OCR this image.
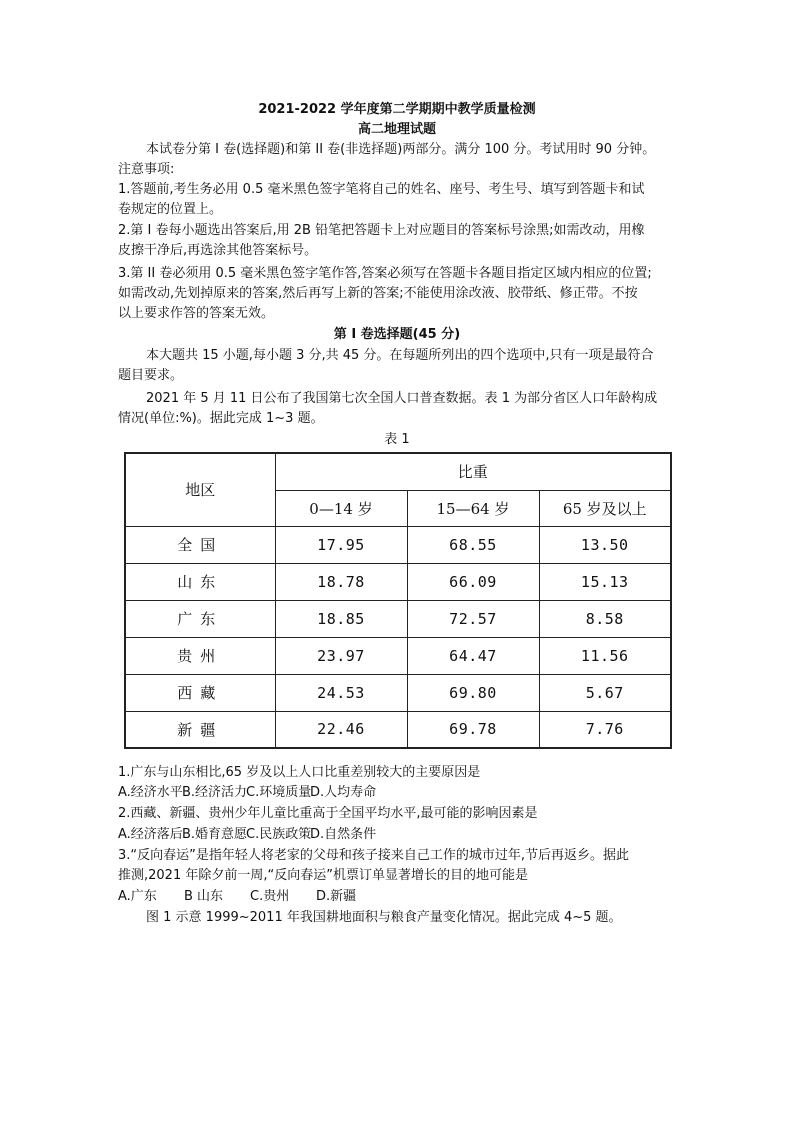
2021-2022 学年度第二学期期中教学质量检测
高二地理试题
本试卷分第 I 卷(选择题)和第 II 卷(非选择题)两部分。满分 100 分。考试用时 90 分钟。
注意事项:
1.答题前,考生务必用 0.5 毫米黑色签字笔将自己的姓名、座号、考生号、填写到答题卡和试
卷规定的位置上。
2.第 I 卷每小题选出答案后,用 2B 铅笔把答题卡上对应题目的答案标号涂黑;如需改动，用橡
皮擦干净后,再选涂其他答案标号。
3.第 II 卷必须用 0.5 毫米黑色签字笔作答,答案必须写在答题卡各题目指定区域内相应的位置;
如需改动,先划掉原来的答案,然后再写上新的答案;不能使用涂改液、胶带纸、修正带。不按
以上要求作答的答案无效。
第 I 卷选择题(45 分)
本大题共 15 小题,每小题 3 分,共 45 分。在每题所列出的四个选项中,只有一项是最符合
题目要求。
2021 年 5 月 11 日公布了我国第七次全国人口普查数据。表 1 为部分省区人口年龄构成
情况(单位:%)。据此完成 1~3 题。
表 1
地区	比重		
	0—14 岁	15—64 岁	65 岁及以上
全国	17.95	68.55	13.50
山东	18.78	66.09	15.13
广东	18.85	72.57	8.58
贵州	23.97	64.47	11.56
西藏	24.53	69.80	5.67
新疆	22.46	69.78	7.76
1.广东与山东相比,65 岁及以上人口比重差别较大的主要原因是
A.经济水平B.经济活力C.环境质量D.人均寿命
2.西藏、新疆、贵州少年儿童比重高于全国平均水平,最可能的影响因素是
A.经济落后B.婚育意愿C.民族政策D.自然条件
3.“反向春运”是指年轻人将老家的父母和孩子接来自己工作的城市过年,节后再返乡。据此
推测,2021 年除夕前一周,“反向春运”机票订单显著增长的目的地可能是
A.广东 B 山东 C.贵州 D.新疆
图 1 示意 1999~2011 年我国耕地面积与粮食产量变化情况。据此完成 4~5 题。
